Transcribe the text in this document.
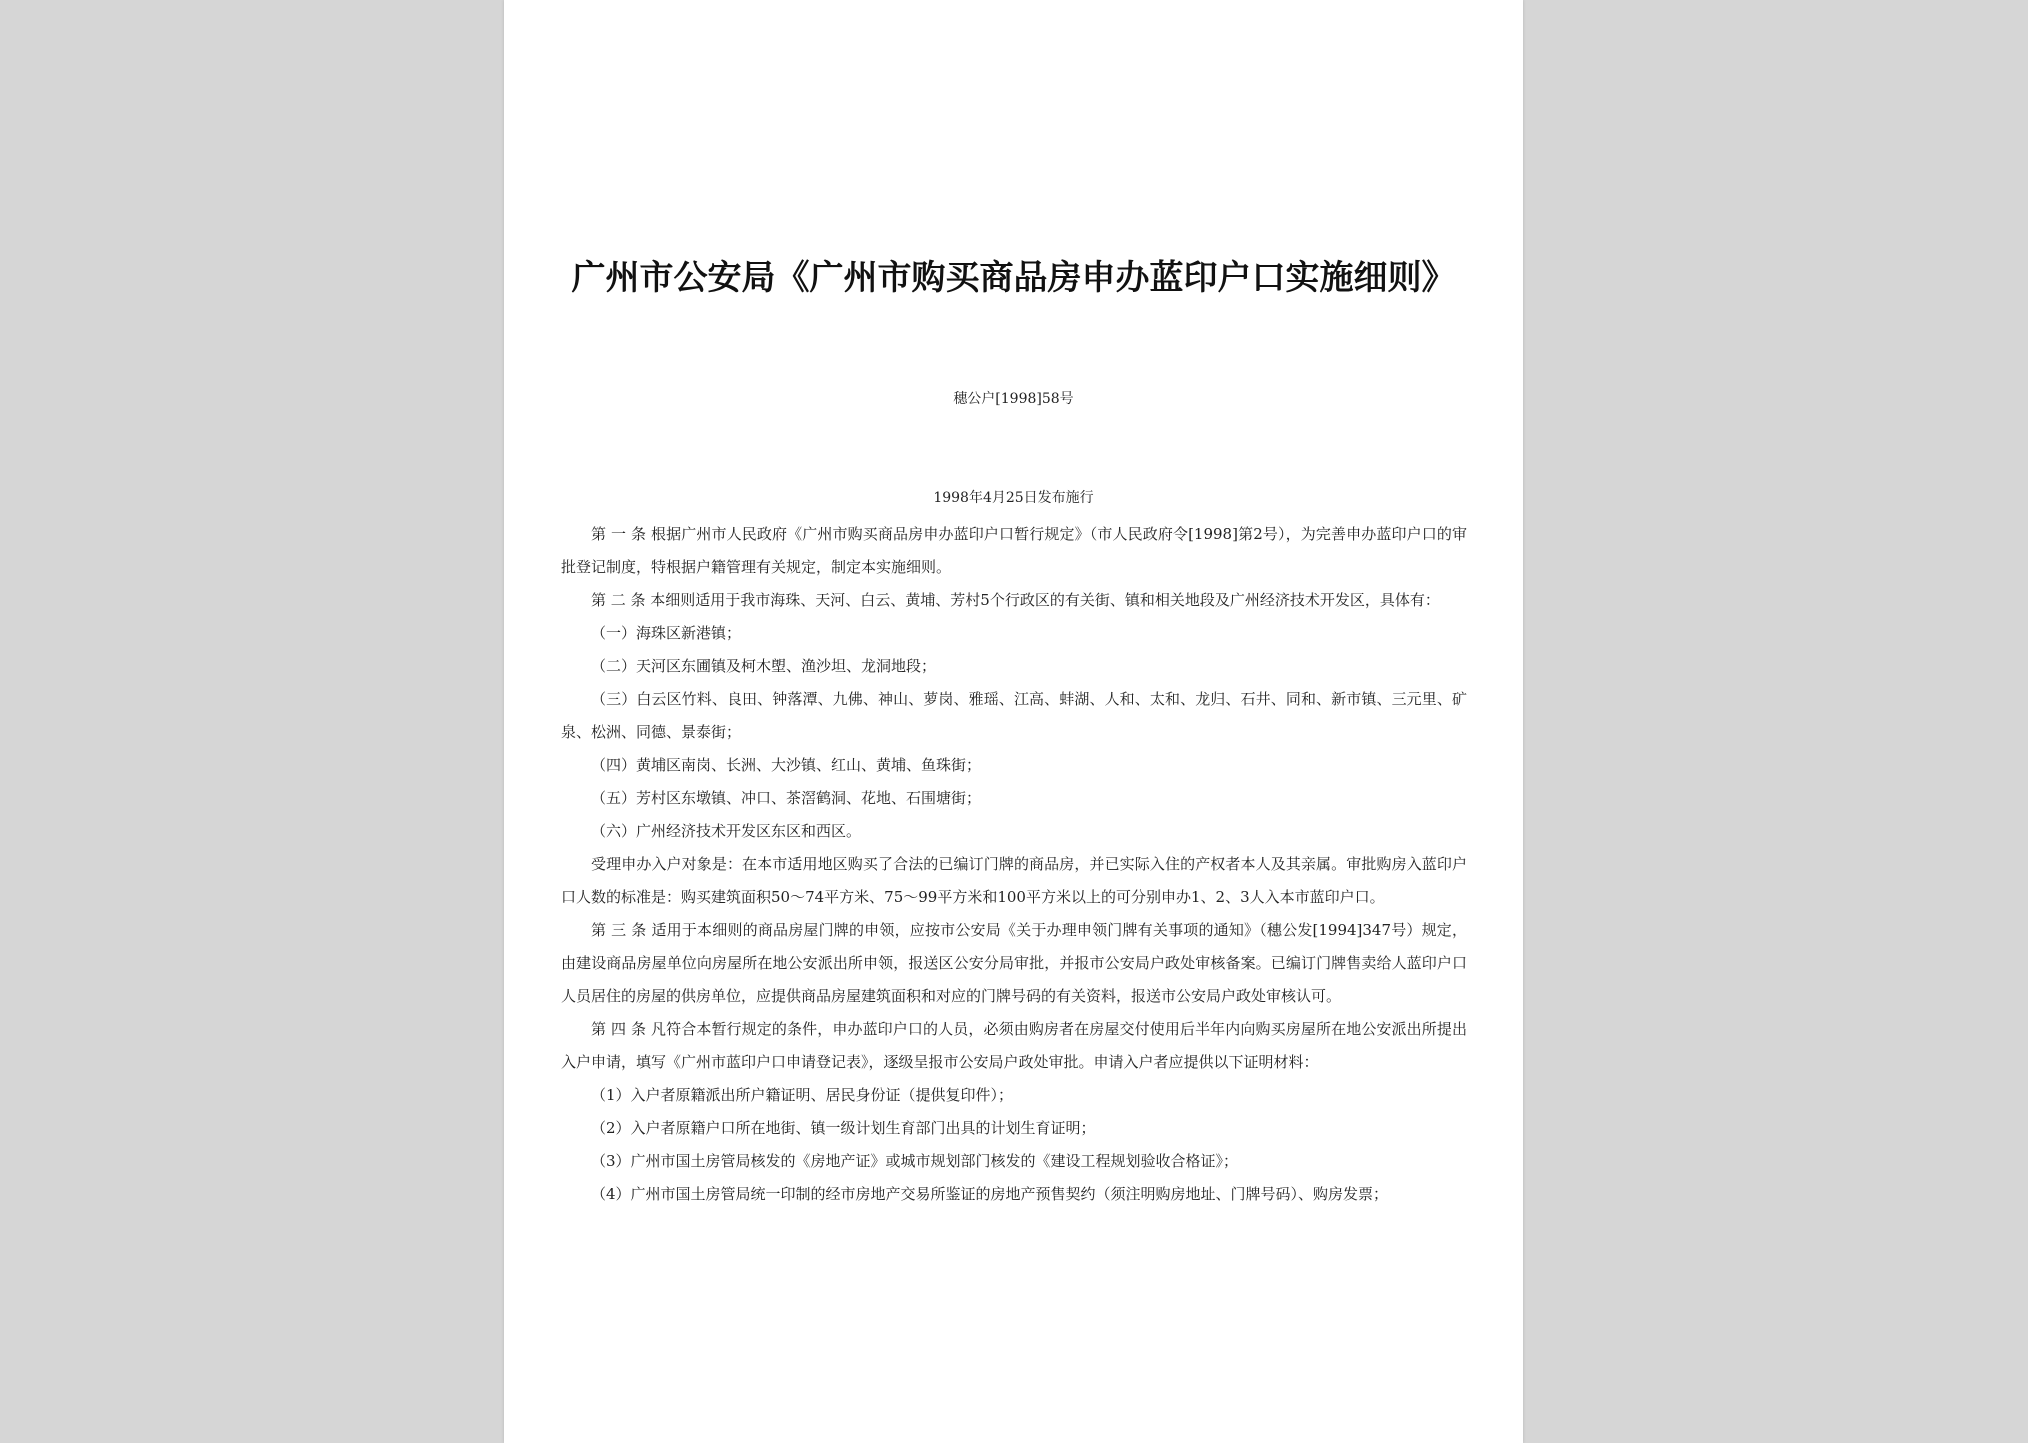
广州市公安局《广州市购买商品房申办蓝印户口实施细则》
穗公户[1998]58号
1998年4月25日发布施行

第 一 条 根据广州市人民政府《广州市购买商品房申办蓝印户口暂行规定》（市人民政府令[1998]第2号），为完善申办蓝印户口的审批登记制度，特根据户籍管理有关规定，制定本实施细则。

第 二 条 本细则适用于我市海珠、天河、白云、黄埔、芳村5个行政区的有关街、镇和相关地段及广州经济技术开发区，具体有：

（一）海珠区新港镇；

（二）天河区东圃镇及柯木塱、渔沙坦、龙洞地段；

（三）白云区竹料、良田、钟落潭、九佛、神山、萝岗、雅瑶、江高、蚌湖、人和、太和、龙归、石井、同和、新市镇、三元里、矿泉、松洲、同德、景泰街；

（四）黄埔区南岗、长洲、大沙镇、红山、黄埔、鱼珠街；

（五）芳村区东墩镇、冲口、茶滘鹤洞、花地、石围塘街；

（六）广州经济技术开发区东区和西区。

受理申办入户对象是：在本市适用地区购买了合法的已编订门牌的商品房，并已实际入住的产权者本人及其亲属。审批购房入蓝印户口人数的标准是：购买建筑面积50～74平方米、75～99平方米和100平方米以上的可分别申办1、2、3人入本市蓝印户口。

第 三 条 适用于本细则的商品房屋门牌的申领，应按市公安局《关于办理申领门牌有关事项的通知》（穗公发[1994]347号）规定，由建设商品房屋单位向房屋所在地公安派出所申领，报送区公安分局审批，并报市公安局户政处审核备案。已编订门牌售卖给人蓝印户口人员居住的房屋的供房单位，应提供商品房屋建筑面积和对应的门牌号码的有关资料，报送市公安局户政处审核认可。

第 四 条 凡符合本暂行规定的条件，申办蓝印户口的人员，必须由购房者在房屋交付使用后半年内向购买房屋所在地公安派出所提出入户申请，填写《广州市蓝印户口申请登记表》，逐级呈报市公安局户政处审批。申请入户者应提供以下证明材料：

（1）入户者原籍派出所户籍证明、居民身份证（提供复印件）；

（2）入户者原籍户口所在地街、镇一级计划生育部门出具的计划生育证明；

（3）广州市国土房管局核发的《房地产证》或城市规划部门核发的《建设工程规划验收合格证》；

（4）广州市国土房管局统一印制的经市房地产交易所鉴证的房地产预售契约（须注明购房地址、门牌号码）、购房发票；
